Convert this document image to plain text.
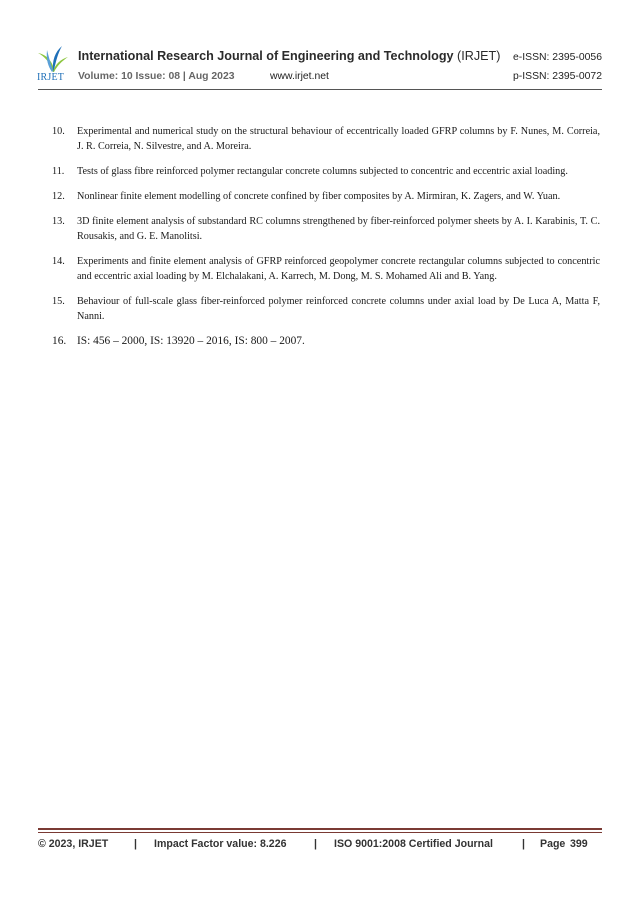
IRJET
International Research Journal of Engineering and Technology (IRJET) e-ISSN: 2395-0056
Volume: 10 Issue: 08 | Aug 2023	www.irjet.net	p-ISSN: 2395-0072
10.	Experimental and numerical study on the structural behaviour of eccentrically loaded GFRP columns by F. Nunes, M. Correia, J. R. Correia, N. Silvestre, and A. Moreira.
11.	Tests of glass fibre reinforced polymer rectangular concrete columns subjected to concentric and eccentric axial loading.
12.	Nonlinear finite element modelling of concrete confined by fiber composites by A. Mirmiran, K. Zagers, and W. Yuan.
13.	3D finite element analysis of substandard RC columns strengthened by fiber-reinforced polymer sheets by A. I. Karabinis, T. C. Rousakis, and G. E. Manolitsi.
14.	Experiments and finite element analysis of GFRP reinforced geopolymer concrete rectangular columns subjected to concentric and eccentric axial loading by M. Elchalakani, A. Karrech, M. Dong, M. S. Mohamed Ali and B. Yang.
15.	Behaviour of full-scale glass fiber-reinforced polymer reinforced concrete columns under axial load by De Luca A, Matta F, Nanni.
16. IS: 456 – 2000, IS: 13920 – 2016, IS: 800 – 2007.
© 2023, IRJET | Impact Factor value: 8.226	| ISO 9001:2008 Certified Journal	| Page 399
